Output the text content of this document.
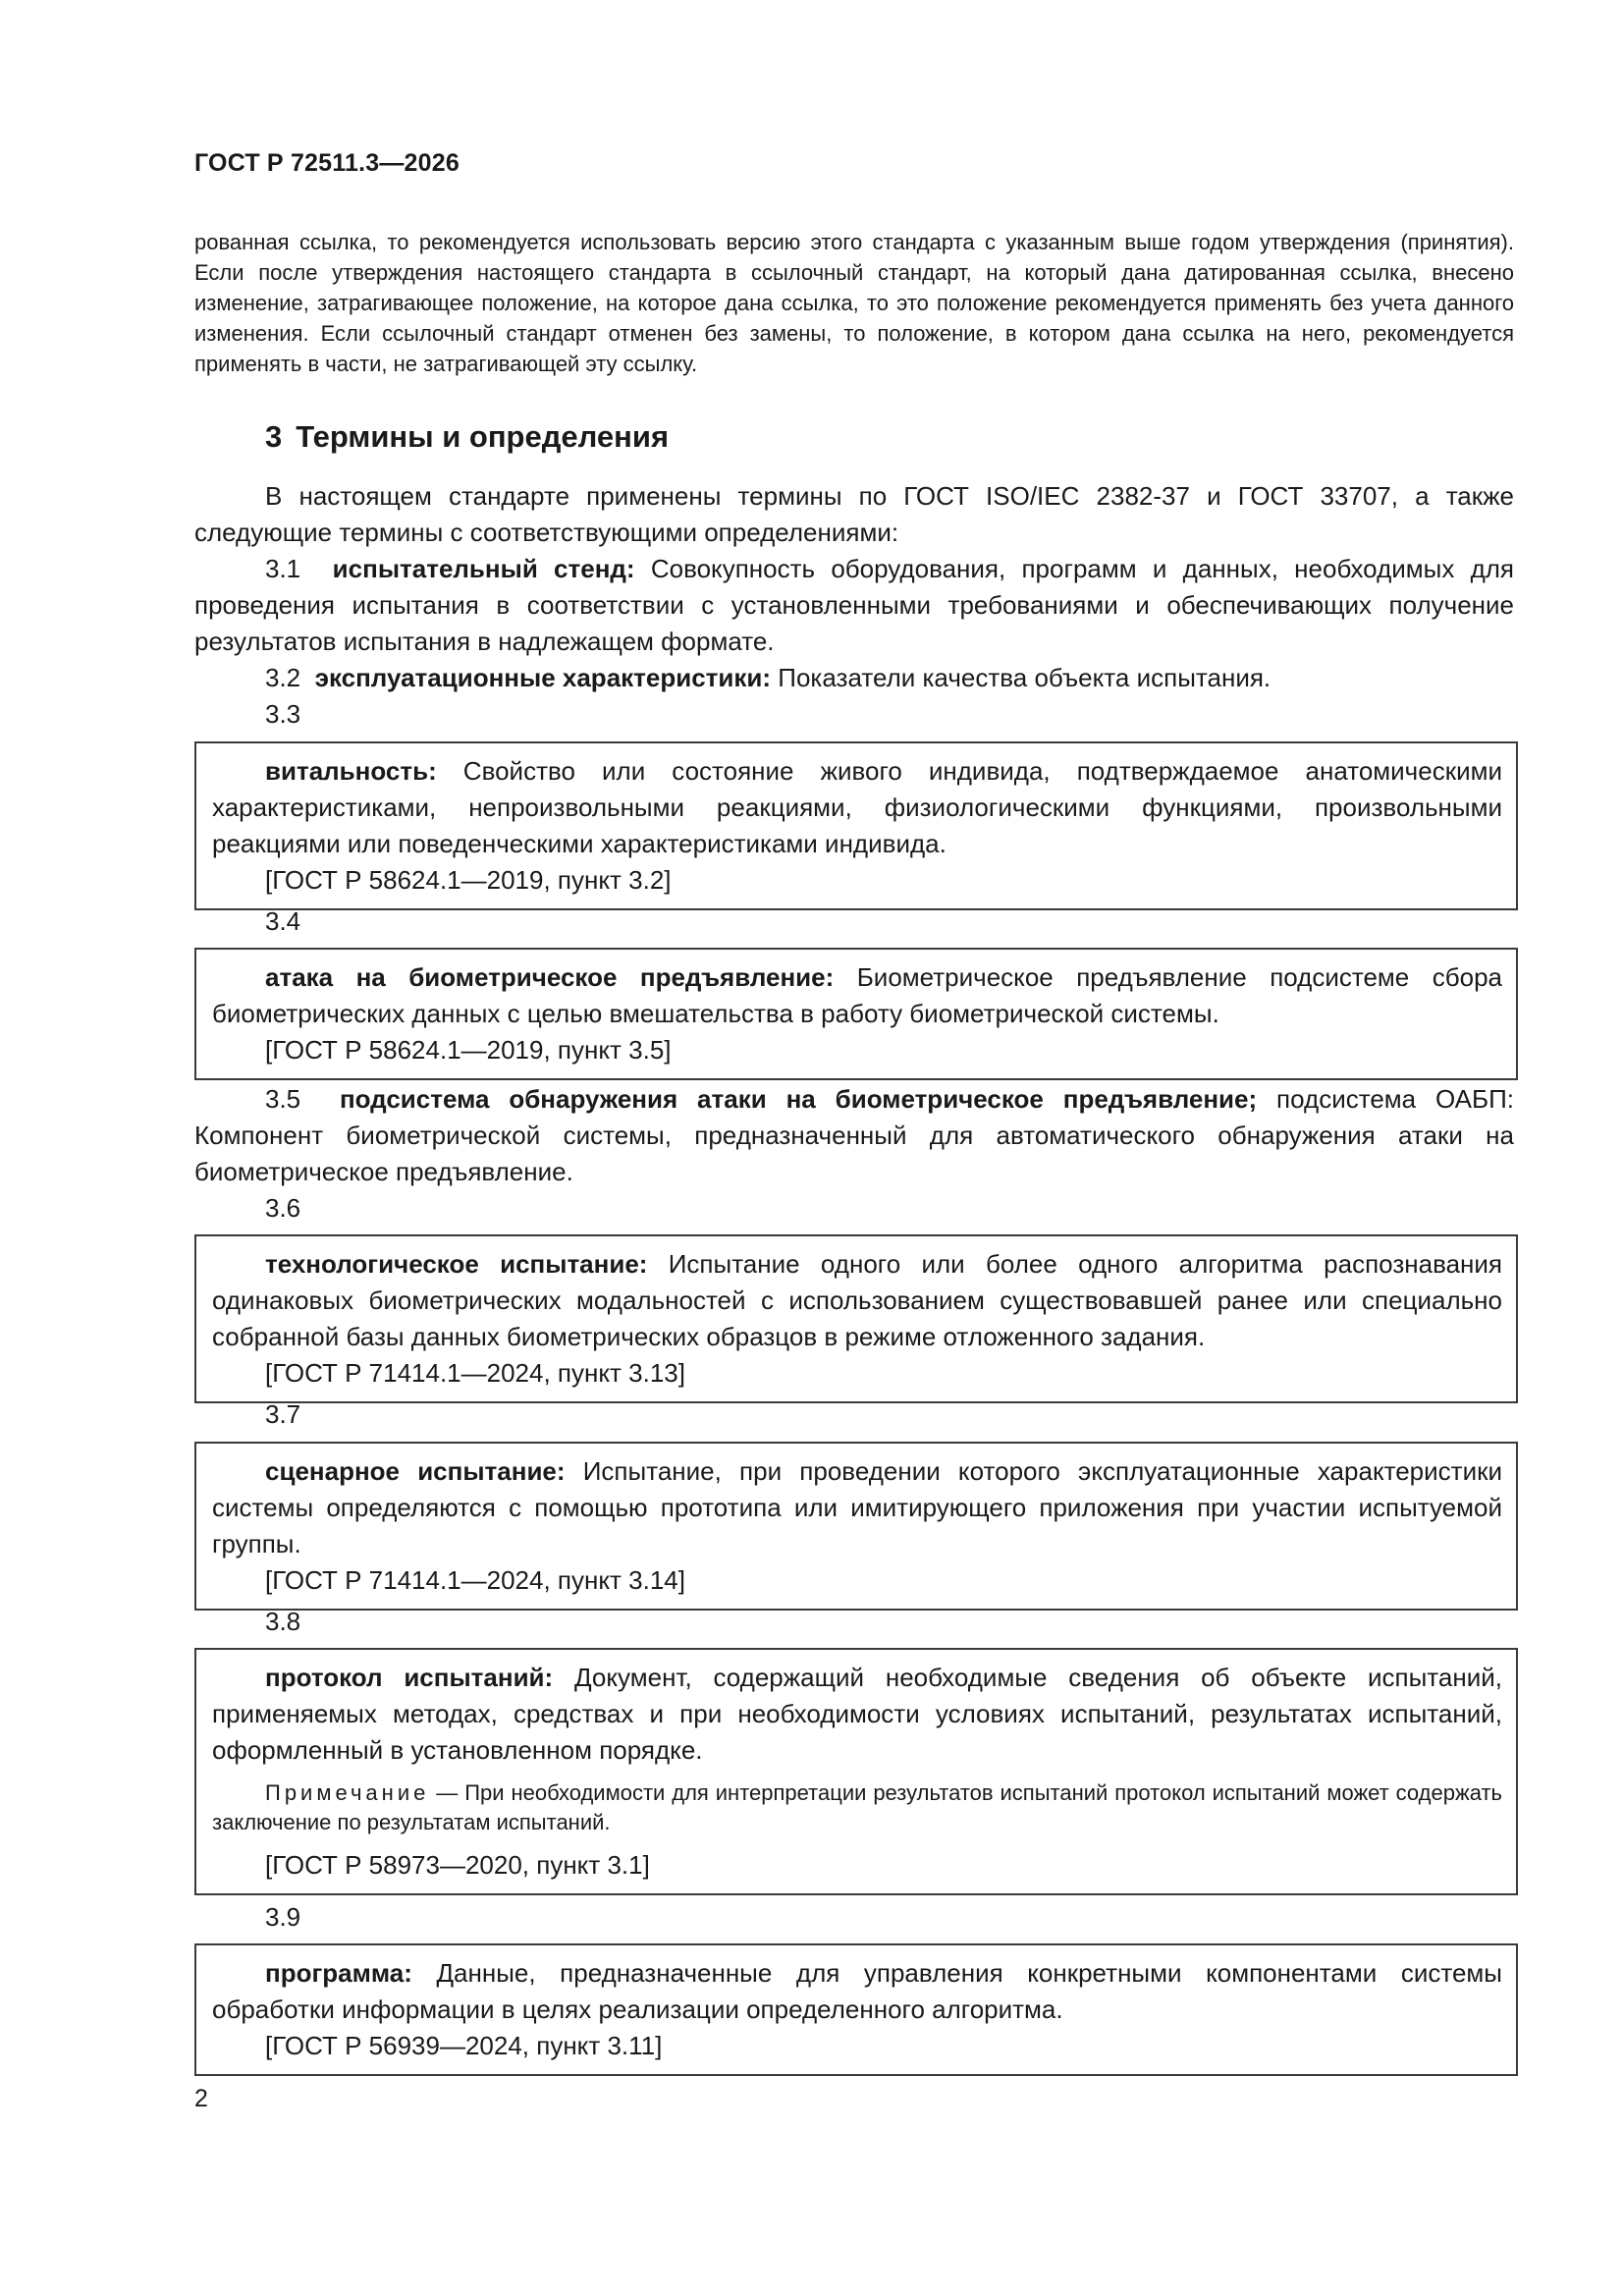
ГОСТ Р 72511.3—2026
рованная ссылка, то рекомендуется использовать версию этого стандарта с указанным выше годом утверждения (принятия). Если после утверждения настоящего стандарта в ссылочный стандарт, на который дана датированная ссылка, внесено изменение, затрагивающее положение, на которое дана ссылка, то это положение рекомендуется применять без учета данного изменения. Если ссылочный стандарт отменен без замены, то положение, в котором дана ссылка на него, рекомендуется применять в части, не затрагивающей эту ссылку.
3 Термины и определения
В настоящем стандарте применены термины по ГОСТ ISO/IEC 2382-37 и ГОСТ 33707, а также следующие термины с соответствующими определениями:
3.1 испытательный стенд: Совокупность оборудования, программ и данных, необходимых для проведения испытания в соответствии с установленными требованиями и обеспечивающих получение результатов испытания в надлежащем формате.
3.2 эксплуатационные характеристики: Показатели качества объекта испытания.
3.3
витальность: Свойство или состояние живого индивида, подтверждаемое анатомическими характеристиками, непроизвольными реакциями, физиологическими функциями, произвольными реакциями или поведенческими характеристиками индивида.
[ГОСТ Р 58624.1—2019, пункт 3.2]
3.4
атака на биометрическое предъявление: Биометрическое предъявление подсистеме сбора биометрических данных с целью вмешательства в работу биометрической системы.
[ГОСТ Р 58624.1—2019, пункт 3.5]
3.5 подсистема обнаружения атаки на биометрическое предъявление; подсистема ОАБП: Компонент биометрической системы, предназначенный для автоматического обнаружения атаки на биометрическое предъявление.
3.6
технологическое испытание: Испытание одного или более одного алгоритма распознавания одинаковых биометрических модальностей с использованием существовавшей ранее или специально собранной базы данных биометрических образцов в режиме отложенного задания.
[ГОСТ Р 71414.1—2024, пункт 3.13]
3.7
сценарное испытание: Испытание, при проведении которого эксплуатационные характеристики системы определяются с помощью прототипа или имитирующего приложения при участии испытуемой группы.
[ГОСТ Р 71414.1—2024, пункт 3.14]
3.8
протокол испытаний: Документ, содержащий необходимые сведения об объекте испытаний, применяемых методах, средствах и при необходимости условиях испытаний, результатах испытаний, оформленный в установленном порядке.
Примечание — При необходимости для интерпретации результатов испытаний протокол испытаний может содержать заключение по результатам испытаний.
[ГОСТ Р 58973—2020, пункт 3.1]
3.9
программа: Данные, предназначенные для управления конкретными компонентами системы обработки информации в целях реализации определенного алгоритма.
[ГОСТ Р 56939—2024, пункт 3.11]
2
